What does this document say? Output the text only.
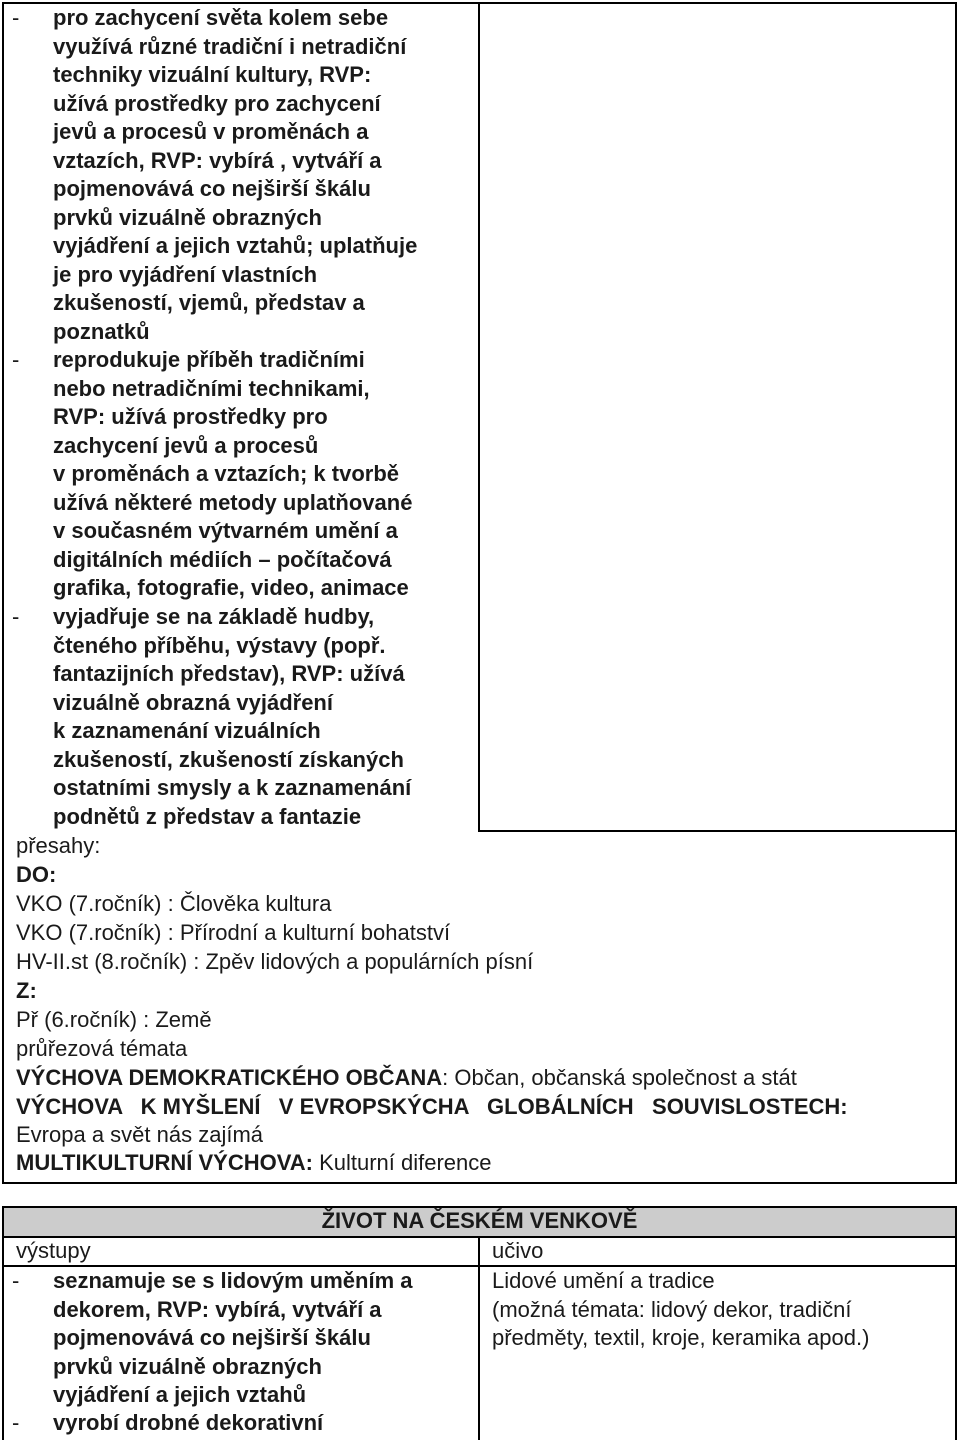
- pro zachycení světa kolem sebe
využívá různé tradiční i netradiční
techniky vizuální kultury, RVP:
užívá prostředky pro zachycení
jevů a procesů v proměnách a
vztazích, RVP: vybírá , vytváří a
pojmenovává co nejširší škálu
prvků vizuálně obrazných
vyjádření a jejich vztahů; uplatňuje
je pro vyjádření vlastních
zkušeností, vjemů, představ a
poznatků
- reprodukuje příběh tradičními
nebo netradičními technikami,
RVP: užívá prostředky pro
zachycení jevů a procesů
v proměnách a vztazích; k tvorbě
užívá některé metody uplatňované
v současném výtvarném umění a
digitálních médiích – počítačová
grafika, fotografie, video, animace
- vyjadřuje se na základě hudby,
čteného příběhu, výstavy (popř.
fantazijních představ), RVP: užívá
vizuálně obrazná vyjádření
k zaznamenání vizuálních
zkušeností, zkušeností získaných
ostatními smysly a k zaznamenání
podnětů z představ a fantazie
přesahy:
DO:
VKO (7.ročník) : Člověka kultura
VKO (7.ročník) : Přírodní a kulturní bohatství
HV-II.st (8.ročník) : Zpěv lidových a populárních písní
Z:
Př (6.ročník) : Země
průřezová témata
VÝCHOVA DEMOKRATICKÉHO OBČANA: Občan, občanská společnost a stát
VÝCHOVA   K MYŠLENÍ   V EVROPSKÝCHA   GLOBÁLNÍCH   SOUVISLOSTECH:
Evropa a svět nás zajímá
MULTIKULTURNÍ VÝCHOVA: Kulturní diference
ŽIVOT NA ČESKÉM VENKOVĚ
výstupy	učivo
- seznamuje se s lidovým uměním a
dekorem, RVP: vybírá, vytváří a
pojmenovává co nejširší škálu
prvků vizuálně obrazných
vyjádření a jejich vztahů
- vyrobí drobné dekorativní
Lidové umění a tradice
(možná témata: lidový dekor, tradiční
předměty, textil, kroje, keramika apod.)
